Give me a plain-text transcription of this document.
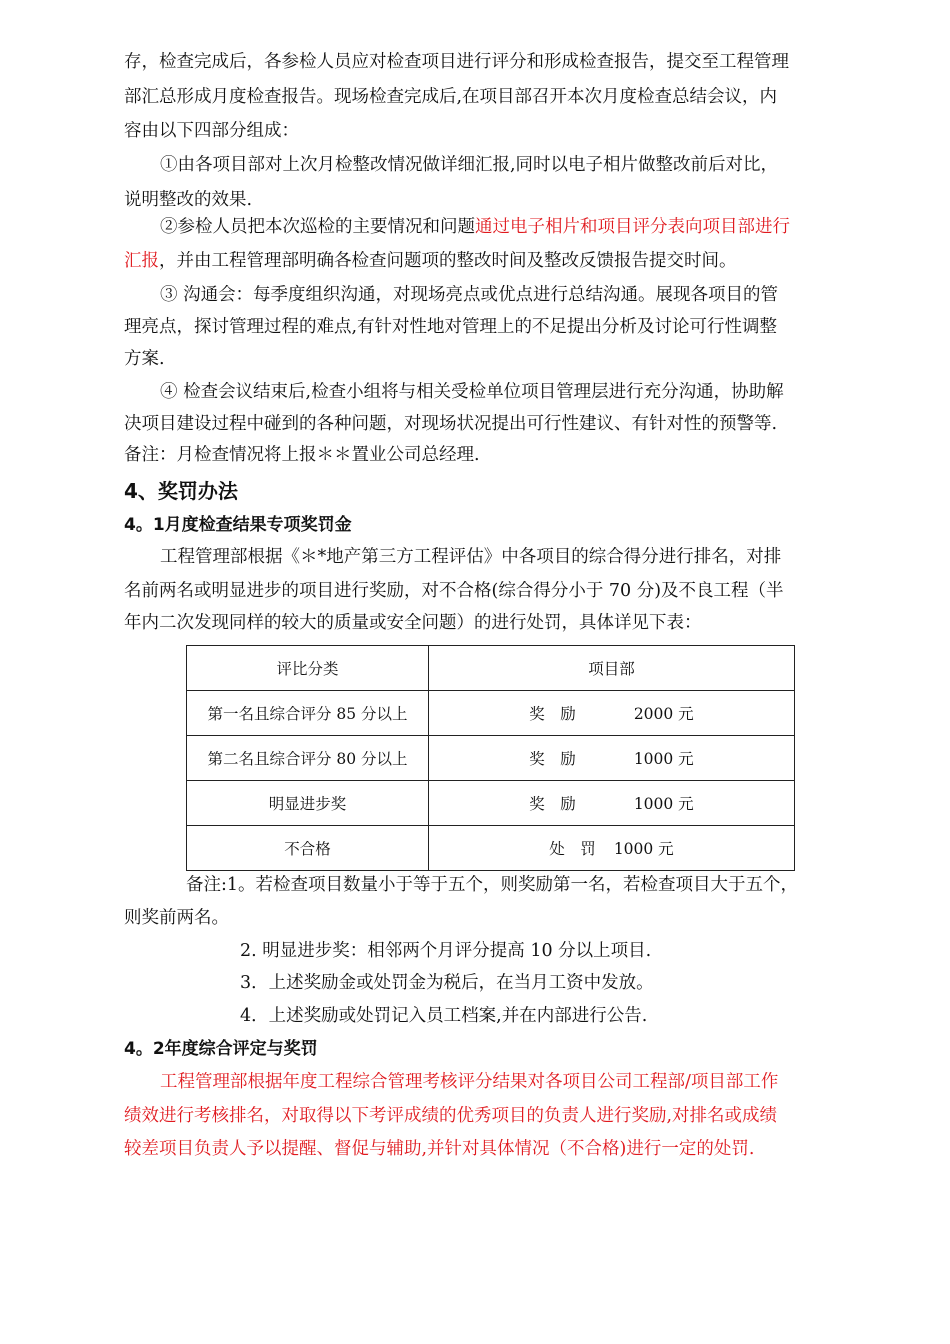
存，检查完成后，各参检人员应对检查项目进行评分和形成检查报告，提交至工程管理
部汇总形成月度检查报告。现场检查完成后,在项目部召开本次月度检查总结会议，内
容由以下四部分组成：
①由各项目部对上次月检整改情况做详细汇报,同时以电子相片做整改前后对比，
说明整改的效果.
②参检人员把本次巡检的主要情况和问题通过电子相片和项目评分表向项目部进行
汇报，并由工程管理部明确各检查问题项的整改时间及整改反馈报告提交时间。
③ 沟通会：每季度组织沟通，对现场亮点或优点进行总结沟通。展现各项目的管
理亮点，探讨管理过程的难点,有针对性地对管理上的不足提出分析及讨论可行性调整
方案.
④ 检查会议结束后,检查小组将与相关受检单位项目管理层进行充分沟通，协助解
决项目建设过程中碰到的各种问题，对现场状况提出可行性建议、有针对性的预警等.
备注：月检查情况将上报＊＊置业公司总经理.
4、奖罚办法
4。1月度检查结果专项奖罚金
工程管理部根据《＊*地产第三方工程评估》中各项目的综合得分进行排名，对排
名前两名或明显进步的项目进行奖励，对不合格(综合得分小于 70 分)及不良工程（半
年内二次发现同样的较大的质量或安全问题）的进行处罚，具体详见下表：
评比分类	项目部
第一名且综合评分 85 分以上	奖　励 2000 元
第二名且综合评分 80 分以上	奖　励 1000 元
明显进步奖	奖　励 1000 元
不合格	处　罚 1000 元
备注:1。若检查项目数量小于等于五个，则奖励第一名，若检查项目大于五个，
则奖前两名。
2. 明显进步奖：相邻两个月评分提高 10 分以上项目.
3．上述奖励金或处罚金为税后，在当月工资中发放。
4．上述奖励或处罚记入员工档案,并在内部进行公告.
4。2年度综合评定与奖罚
工程管理部根据年度工程综合管理考核评分结果对各项目公司工程部/项目部工作
绩效进行考核排名，对取得以下考评成绩的优秀项目的负责人进行奖励,对排名或成绩
较差项目负责人予以提醒、督促与辅助,并针对具体情况（不合格)进行一定的处罚.
